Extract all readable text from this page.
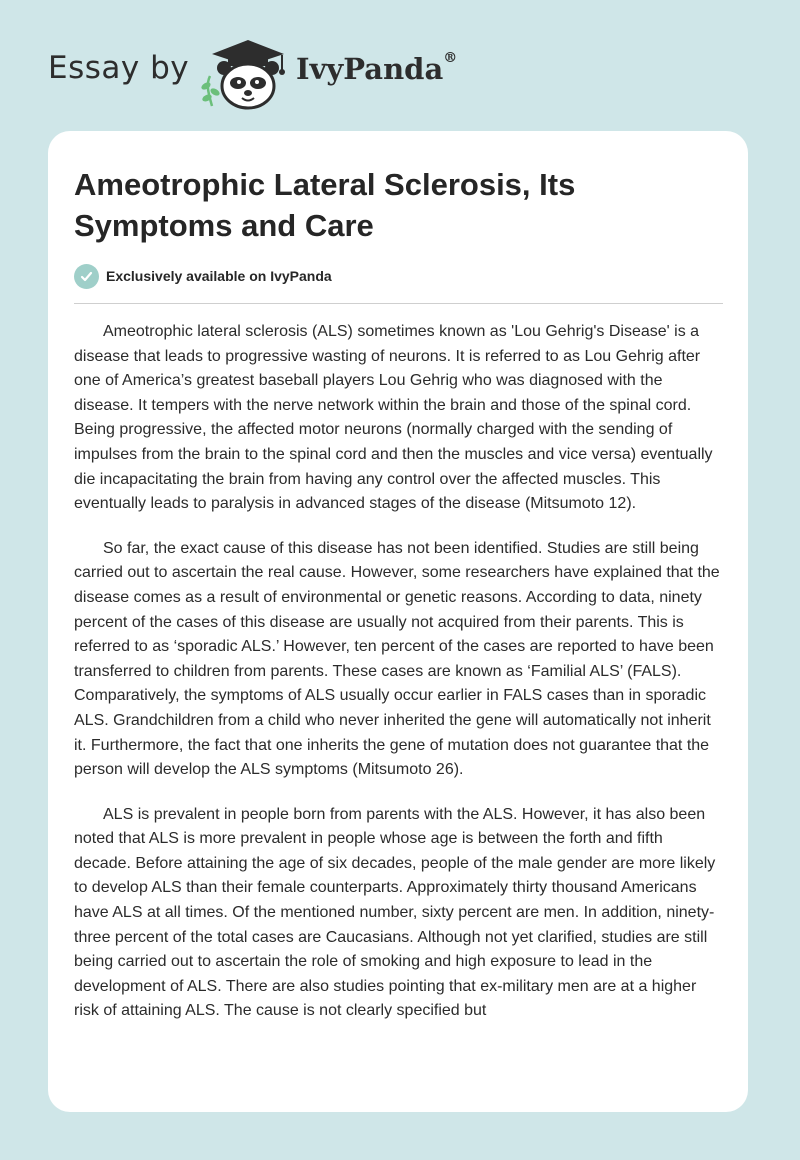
Essay by	IvyPanda®
Ameotrophic Lateral Sclerosis, Its Symptoms and Care
Exclusively available on IvyPanda

Ameotrophic lateral sclerosis (ALS) sometimes known as 'Lou Gehrig's Disease' is a disease that leads to progressive wasting of neurons. It is referred to as Lou Gehrig after one of America’s greatest baseball players Lou Gehrig who was diagnosed with the disease. It tempers with the nerve network within the brain and those of the spinal cord. Being progressive, the affected motor neurons (normally charged with the sending of impulses from the brain to the spinal cord and then the muscles and vice versa) eventually die incapacitating the brain from having any control over the affected muscles. This eventually leads to paralysis in advanced stages of the disease (Mitsumoto 12).

So far, the exact cause of this disease has not been identified. Studies are still being carried out to ascertain the real cause. However, some researchers have explained that the disease comes as a result of environmental or genetic reasons. According to data, ninety percent of the cases of this disease are usually not acquired from their parents. This is referred to as ‘sporadic ALS.’ However, ten percent of the cases are reported to have been transferred to children from parents. These cases are known as ‘Familial ALS’ (FALS). Comparatively, the symptoms of ALS usually occur earlier in FALS cases than in sporadic ALS. Grandchildren from a child who never inherited the gene will automatically not inherit it. Furthermore, the fact that one inherits the gene of mutation does not guarantee that the person will develop the ALS symptoms (Mitsumoto 26).

ALS is prevalent in people born from parents with the ALS. However, it has also been noted that ALS is more prevalent in people whose age is between the forth and fifth decade. Before attaining the age of six decades, people of the male gender are more likely to develop ALS than their female counterparts. Approximately thirty thousand Americans have ALS at all times. Of the mentioned number, sixty percent are men. In addition, ninety-three percent of the total cases are Caucasians. Although not yet clarified, studies are still being carried out to ascertain the role of smoking and high exposure to lead in the development of ALS. There are also studies pointing that ex-military men are at a higher risk of attaining ALS. The cause is not clearly specified but
